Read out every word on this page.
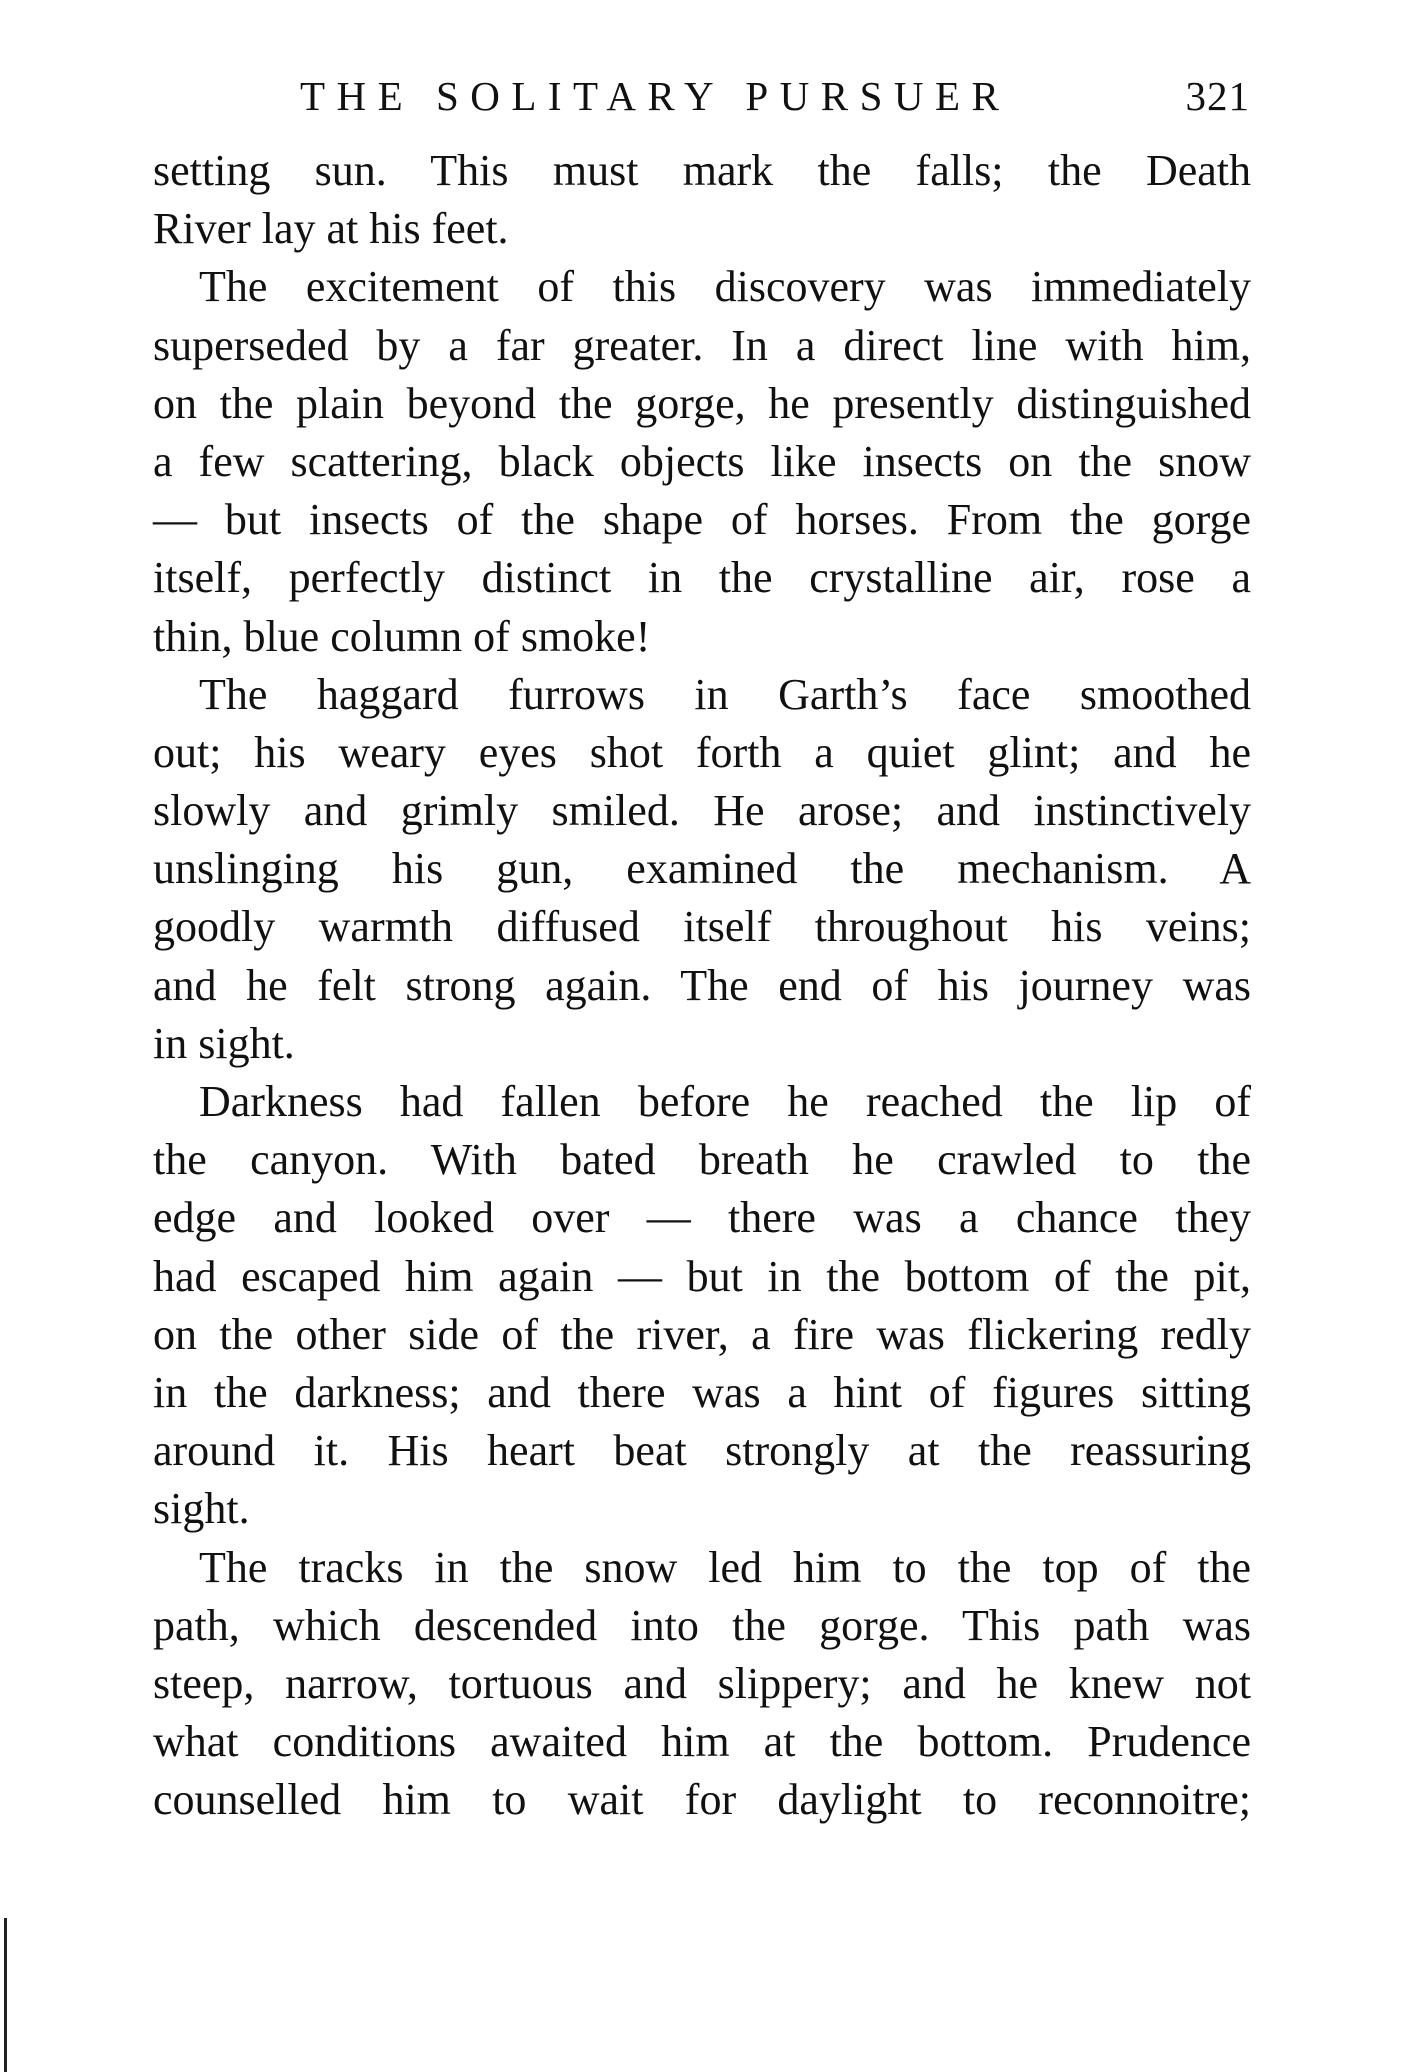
THE SOLITARY PURSUER	321
setting sun. This must mark the falls; the Death
River lay at his feet.
The excitement of this discovery was immediately
superseded by a far greater. In a direct line with him,
on the plain beyond the gorge, he presently distinguished
a few scattering, black objects like insects on the snow
— but insects of the shape of horses. From the gorge
itself, perfectly distinct in the crystalline air, rose a
thin, blue column of smoke!
The haggard furrows in Garth’s face smoothed
out; his weary eyes shot forth a quiet glint; and he
slowly and grimly smiled. He arose; and instinctively
unslinging his gun, examined the mechanism. A
goodly warmth diffused itself throughout his veins;
and he felt strong again. The end of his journey was
in sight.
Darkness had fallen before he reached the lip of
the canyon. With bated breath he crawled to the
edge and looked over — there was a chance they
had escaped him again — but in the bottom of the pit,
on the other side of the river, a fire was flickering redly
in the darkness; and there was a hint of figures sitting
around it. His heart beat strongly at the reassuring
sight.
The tracks in the snow led him to the top of the
path, which descended into the gorge. This path was
steep, narrow, tortuous and slippery; and he knew not
what conditions awaited him at the bottom. Prudence
counselled him to wait for daylight to reconnoitre;
